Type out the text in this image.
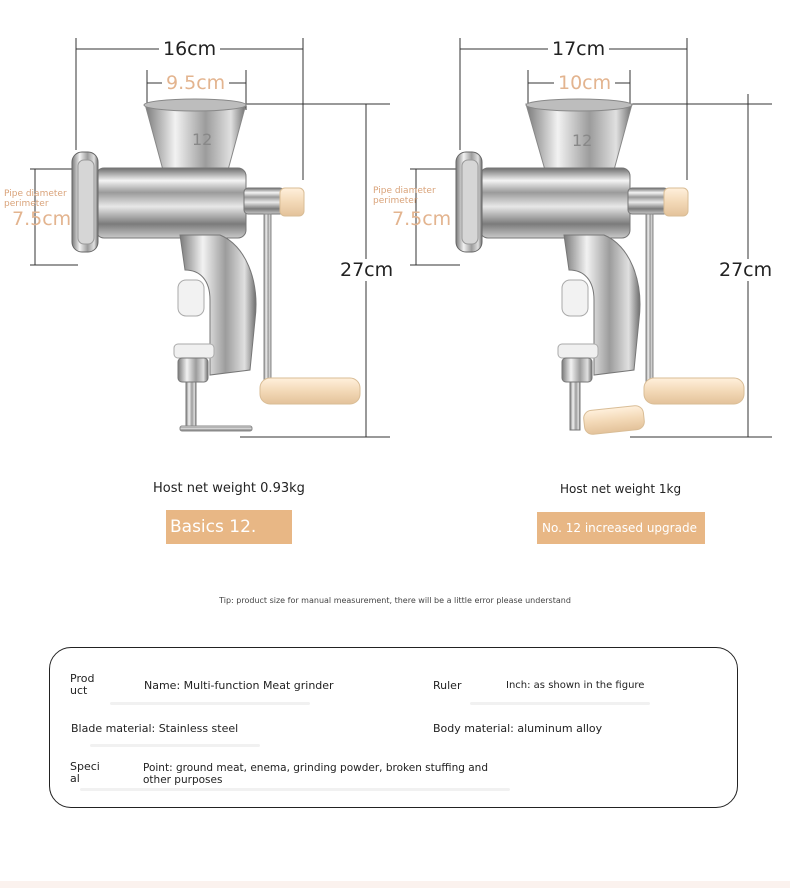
12
16cm
9.5cm
Pipe diameter perimeter
7.5cm
27cm
Host net weight 0.93kg
Basics 12.
12
17cm
10cm
Pipe diameter perimeter
7.5cm
27cm
Host net weight 1kg
No. 12 increased upgrade
Tip: product size for manual measurement, there will be a little error please understand
Prod uct	Name: Multi-function Meat grinder	Ruler	Inch: as shown in the figure
Blade material: Stainless steel	Body material: aluminum alloy
Speci al
Point: ground meat, enema, grinding powder, broken stuffing and other purposes
